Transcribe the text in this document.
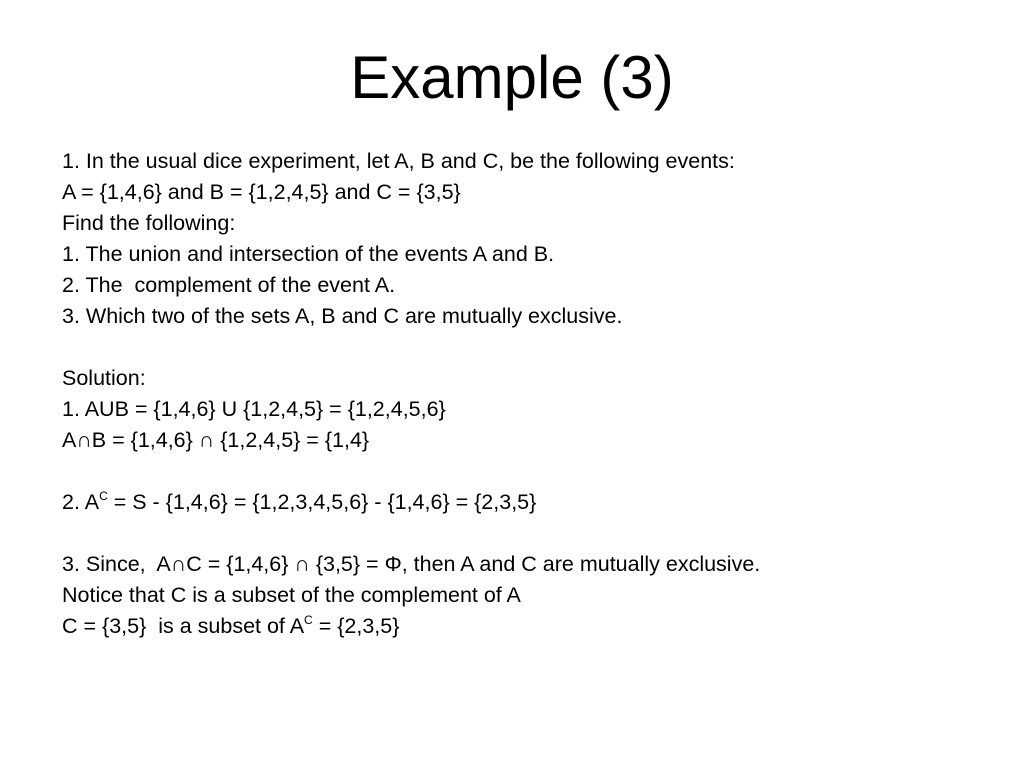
Example (3)
1. In the usual dice experiment, let A, B and C, be the following events:
A = {1,4,6} and B = {1,2,4,5} and C = {3,5}
Find the following:
1. The union and intersection of the events A and B.
2. The  complement of the event A.
3. Which two of the sets A, B and C are mutually exclusive.
Solution:
1. AUB = {1,4,6} U {1,2,4,5} = {1,2,4,5,6}
A∩B = {1,4,6} ∩ {1,2,4,5} = {1,4}
2. $A^C = S - \{1,4,6\} = \{1,2,3,4,5,6\} - \{1,4,6\} = \{2,3,5\}$
3. Since,  A∩C = {1,4,6} ∩ {3,5} = Φ, then A and C are mutually exclusive.
Notice that C is a subset of the complement of A
C = {3,5}  is a subset of $A^C = \{2,3,5\}$
